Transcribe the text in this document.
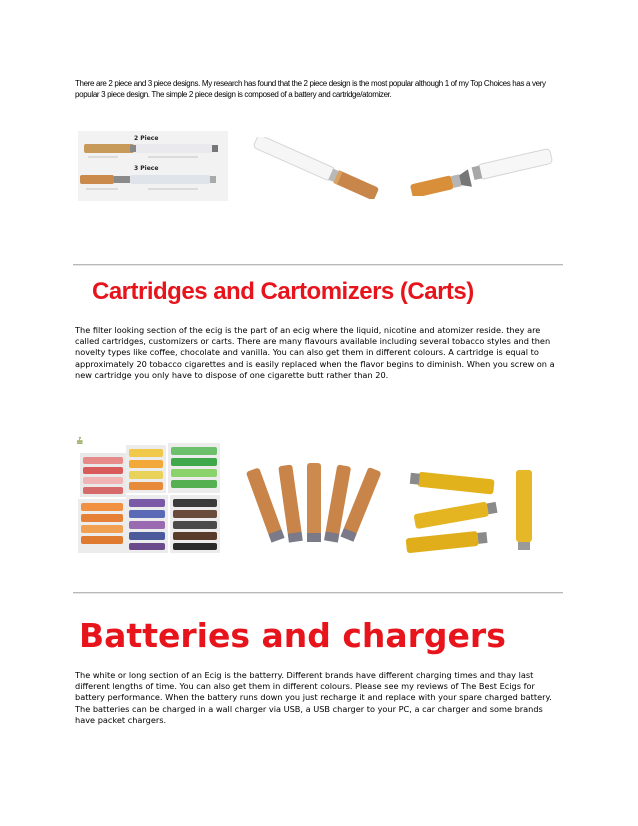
There are 2 piece and 3 piece designs. My research has found that the 2 piece design is the most popular although 1 of my Top Choices has a very popular 3 piece design. The simple 2 piece design is composed of a battery and cartridge/atomizer.

2 Piece
3 Piece
Cartridges and Cartomizers (Carts)

The filter looking section of the ecig is the part of an ecig where the liquid, nicotine and atomizer reside. they are called cartridges, customizers or carts. There are many flavours available including several tobacco styles and then novelty types like coffee, chocolate and vanilla. You can also get them in different colours. A cartridge is equal to approximately 20 tobacco cigarettes and is easily replaced when the flavor begins to diminish. When you screw on a new cartridge you only have to dispose of one cigarette butt rather than 20.

≟
Batteries and chargers

The white or long section of an Ecig is the batterry. Different brands have different charging times and thay last different lengths of time. You can also get them in different colours. Please see my reviews of The Best Ecigs for battery performance. When the battery runs down you just recharge it and replace with your spare charged battery. The batteries can be charged in a wall charger via USB, a USB charger to your PC, a car charger and some brands have packet chargers.
